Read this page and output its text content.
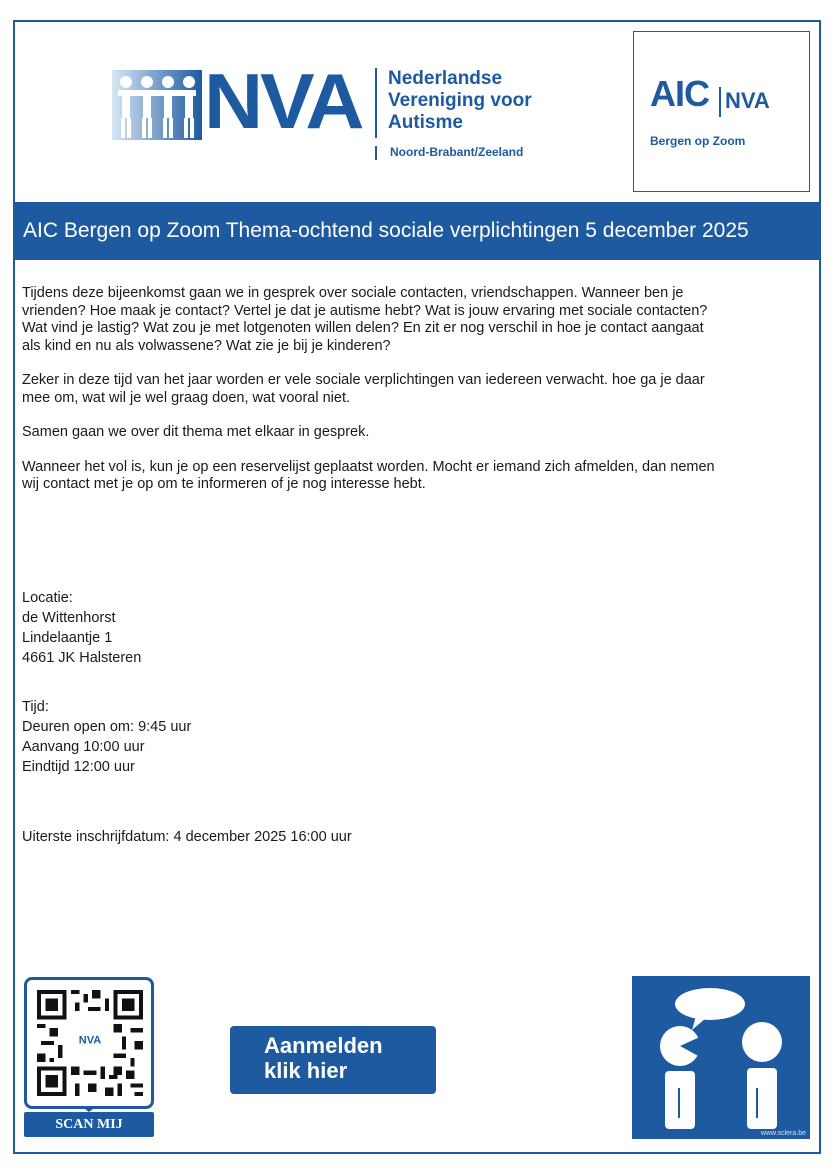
NVA Nederlandse
Vereniging voor
Autisme
Noord-Brabant/Zeeland
AIC NVA
Bergen op Zoom
AIC Bergen op Zoom Thema-ochtend sociale verplichtingen 5 december 2025

Tijdens deze bijeenkomst gaan we in gesprek over sociale contacten, vriendschappen. Wanneer ben je vrienden? Hoe maak je contact? Vertel je dat je autisme hebt? Wat is jouw ervaring met sociale contacten? Wat vind je lastig? Wat zou je met lotgenoten willen delen? En zit er nog verschil in hoe je contact aangaat als kind en nu als volwassene? Wat zie je bij je kinderen?

Zeker in deze tijd van het jaar worden er vele sociale verplichtingen van iedereen verwacht. hoe ga je daar mee om, wat wil je wel graag doen, wat vooral niet.

Samen gaan we over dit thema met elkaar in gesprek.

Wanneer het vol is, kun je op een reservelijst geplaatst worden. Mocht er iemand zich afmelden, dan nemen wij contact met je op om te informeren of je nog interesse hebt.

Locatie:
de Wittenhorst
Lindelaantje 1
4661 JK Halsteren
Tijd:
Deuren open om: 9:45 uur
Aanvang 10:00 uur
Eindtijd 12:00 uur
Uiterste inschrijfdatum: 4 december 2025 16:00 uur
NVA
SCAN MIJ
Aanmelden
klik hier
www.sclera.be
